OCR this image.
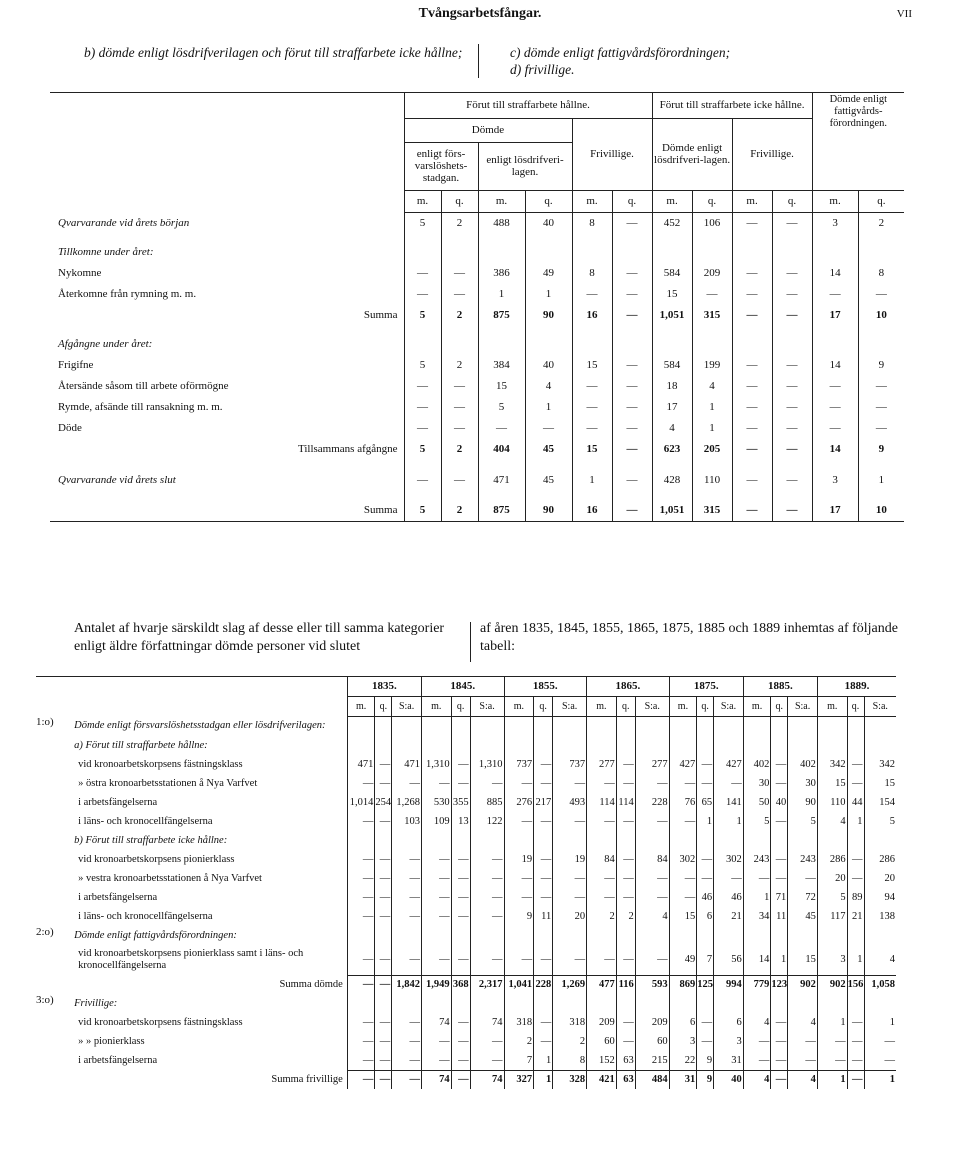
Tvångsarbetsfångar.	VII
b) dömde enligt lösdrifverilagen och förut till straffarbete icke hållne;	c) dömde enligt fattigvårdsförordningen;
d) frivillige.
	Förut till straffarbete hållne.						Förut till straffarbete icke hållne.				Dömde enligt fattigvårds-förordningen.	
	Dömde				Frivillige.		Dömde enligt lösdrifveri-lagen.		Frivillige.			
	enligt förs-varslöshets-stadgan.		enligt lösdrifveri-lagen.									
	m.	q.	m.	q.	m.	q.	m.	q.	m.	q.	m.	q.
Qvarvarande vid årets början	5	2	488	40	8	—	452	106	—	—	3	2

Tillkomne under året:												
Nykomne	—	—	386	49	8	—	584	209	—	—	14	8
Återkomne från rymning m. m.	—	—	1	1	—	—	15	—	—	—	—	—
Summa	5	2	875	90	16	—	1,051	315	—	—	17	10

Afgångne under året:												
Frigifne	5	2	384	40	15	—	584	199	—	—	14	9
Återsände såsom till arbete oförmögne	—	—	15	4	—	—	18	4	—	—	—	—
Rymde, afsände till ransakning m. m.	—	—	5	1	—	—	17	1	—	—	—	—
Döde	—	—	—	—	—	—	4	1	—	—	—	—
Tillsammans afgångne	5	2	404	45	15	—	623	205	—	—	14	9

Qvarvarande vid årets slut	—	—	471	45	1	—	428	110	—	—	3	1

Summa	5	2	875	90	16	—	1,051	315	—	—	17	10
Antalet af hvarje särskildt slag af desse eller till samma kategorier enligt äldre författningar dömde personer vid slutet
af åren 1835, 1845, 1855, 1865, 1875, 1885 och 1889 inhemtas af följande tabell:
		1835.			1845.			1855.			1865.			1875.			1885.			1889.		
		m.	q.	S:a.	m.	q.	S:a.	m.	q.	S:a.	m.	q.	S:a.	m.	q.	S:a.	m.	q.	S:a.	m.	q.	S:a.
1:o)	Dömde enligt försvarslöshetsstadgan eller lösdrifverilagen:																					
	a) Förut till straffarbete hållne:																					
	vid kronoarbetskorpsens fästningsklass	471	—	471	1,310	—	1,310	737	—	737	277	—	277	427	—	427	402	—	402	342	—	342
	» östra kronoarbetsstationen å Nya Varfvet	—	—	—	—	—	—	—	—	—	—	—	—	—	—	—	30	—	30	15	—	15
	i arbetsfängelserna	1,014	254	1,268	530	355	885	276	217	493	114	114	228	76	65	141	50	40	90	110	44	154
	i läns- och kronocellfängelserna	—	—	103	109	13	122	—	—	—	—	—	—	—	1	1	5	—	5	4	1	5
	b) Förut till straffarbete icke hållne:																					
	vid kronoarbetskorpsens pionierklass	—	—	—	—	—	—	19	—	19	84	—	84	302	—	302	243	—	243	286	—	286
	» vestra kronoarbetsstationen å Nya Varfvet	—	—	—	—	—	—	—	—	—	—	—	—	—	—	—	—	—	—	20	—	20
	i arbetsfängelserna	—	—	—	—	—	—	—	—	—	—	—	—	—	46	46	1	71	72	5	89	94
	i läns- och kronocellfängelserna	—	—	—	—	—	—	9	11	20	2	2	4	15	6	21	34	11	45	117	21	138
2:o)	Dömde enligt fattigvårdsförordningen:																					
	vid kronoarbetskorpsens pionierklass samt i läns- och kronocellfängelserna	—	—	—	—	—	—	—	—	—	—	—	—	49	7	56	14	1	15	3	1	4
	Summa dömde	—	—	1,842	1,949	368	2,317	1,041	228	1,269	477	116	593	869	125	994	779	123	902	902	156	1,058
3:o)	Frivillige:																					
	vid kronoarbetskorpsens fästningsklass	—	—	—	74	—	74	318	—	318	209	—	209	6	—	6	4	—	4	1	—	1
	» » pionierklass	—	—	—	—	—	—	2	—	2	60	—	60	3	—	3	—	—	—	—	—	—
	i arbetsfängelserna	—	—	—	—	—	—	7	1	8	152	63	215	22	9	31	—	—	—	—	—	—
	Summa frivillige	—	—	—	74	—	74	327	1	328	421	63	484	31	9	40	4	—	4	1	—	1
